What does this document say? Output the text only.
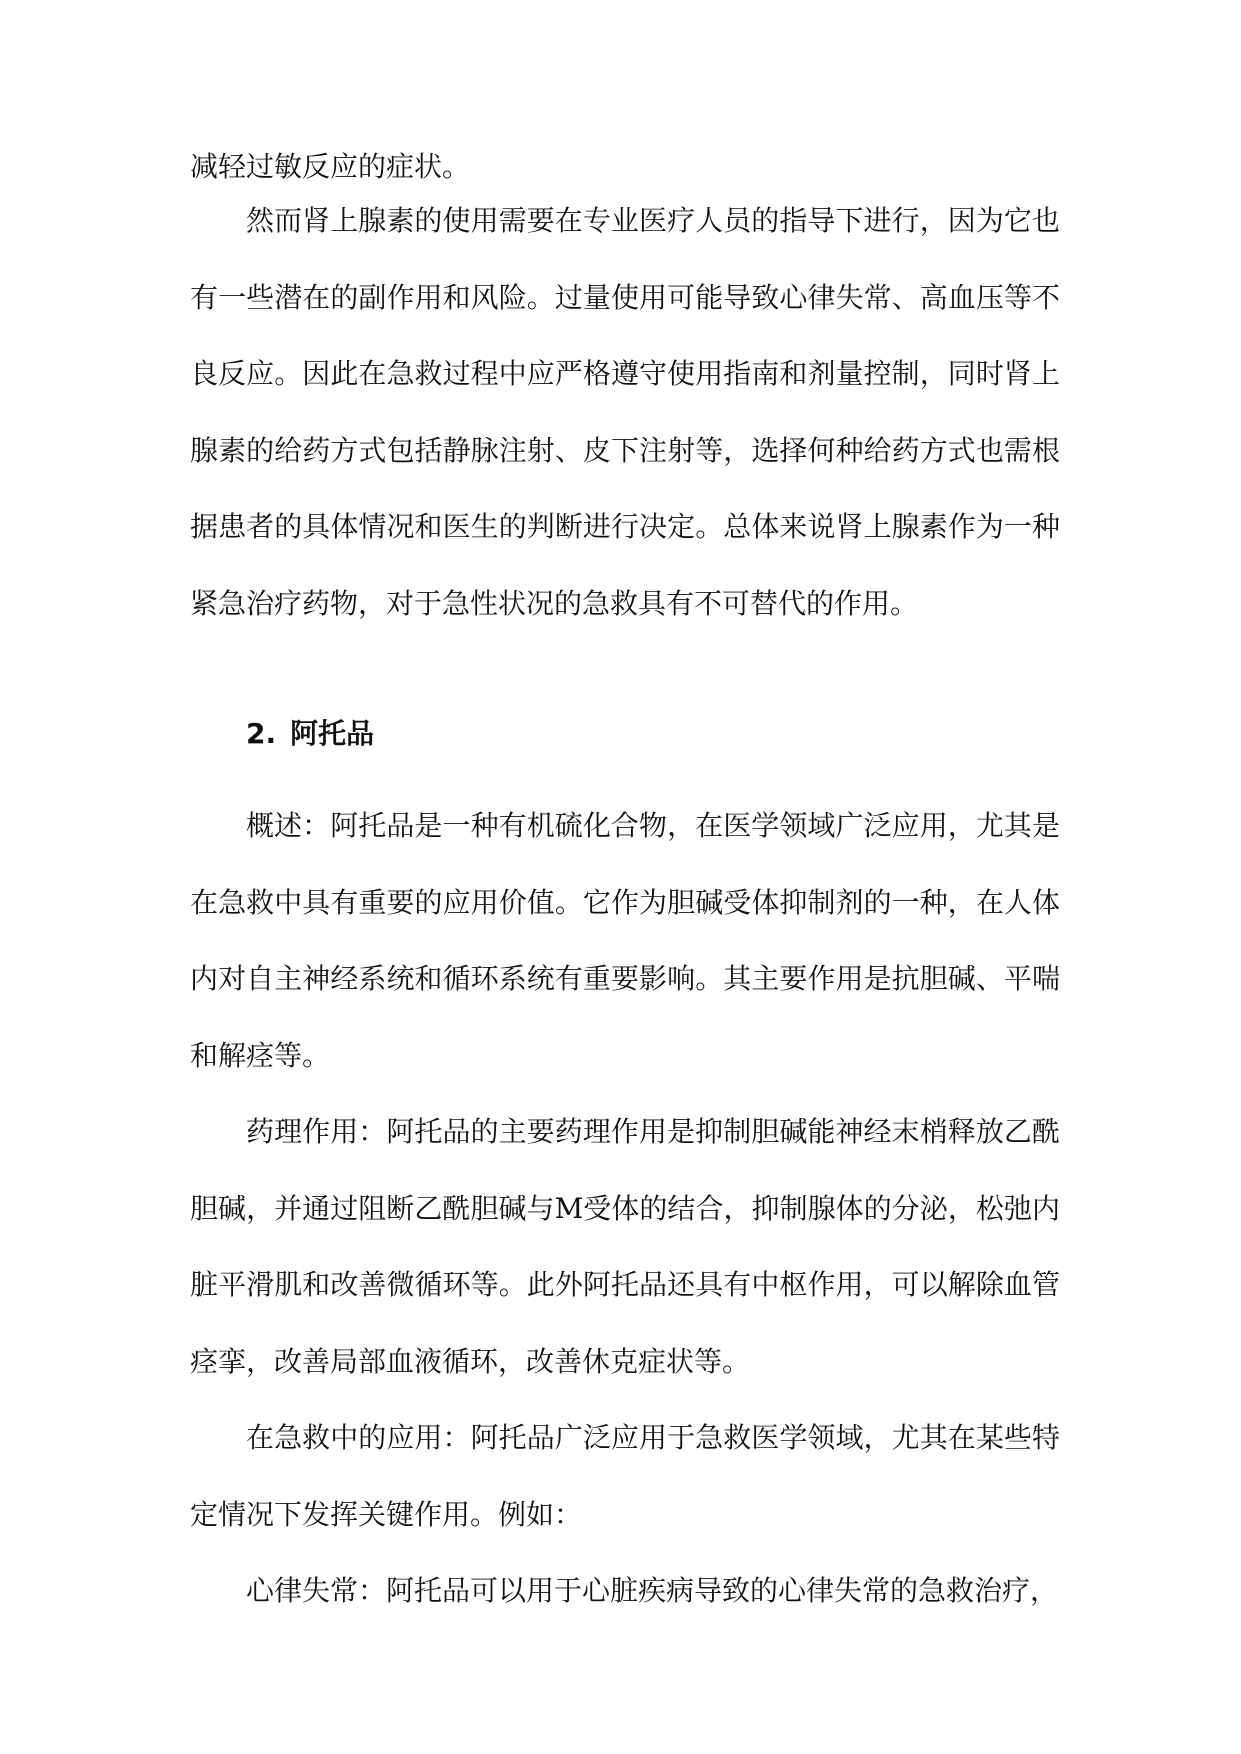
减轻过敏反应的症状。

然而肾上腺素的使用需要在专业医疗人员的指导下进行，因为它也有一些潜在的副作用和风险。过量使用可能导致心律失常、高血压等不良反应。因此在急救过程中应严格遵守使用指南和剂量控制，同时肾上腺素的给药方式包括静脉注射、皮下注射等，选择何种给药方式也需根据患者的具体情况和医生的判断进行决定。总体来说肾上腺素作为一种紧急治疗药物，对于急性状况的急救具有不可替代的作用。

2. 阿托品

概述：阿托品是一种有机硫化合物，在医学领域广泛应用，尤其是在急救中具有重要的应用价值。它作为胆碱受体抑制剂的一种，在人体内对自主神经系统和循环系统有重要影响。其主要作用是抗胆碱、平喘和解痉等。

药理作用：阿托品的主要药理作用是抑制胆碱能神经末梢释放乙酰胆碱，并通过阻断乙酰胆碱与M受体的结合，抑制腺体的分泌，松弛内脏平滑肌和改善微循环等。此外阿托品还具有中枢作用，可以解除血管痉挛，改善局部血液循环，改善休克症状等。

在急救中的应用：阿托品广泛应用于急救医学领域，尤其在某些特定情况下发挥关键作用。例如：

心律失常：阿托品可以用于心脏疾病导致的心律失常的急救治疗，
